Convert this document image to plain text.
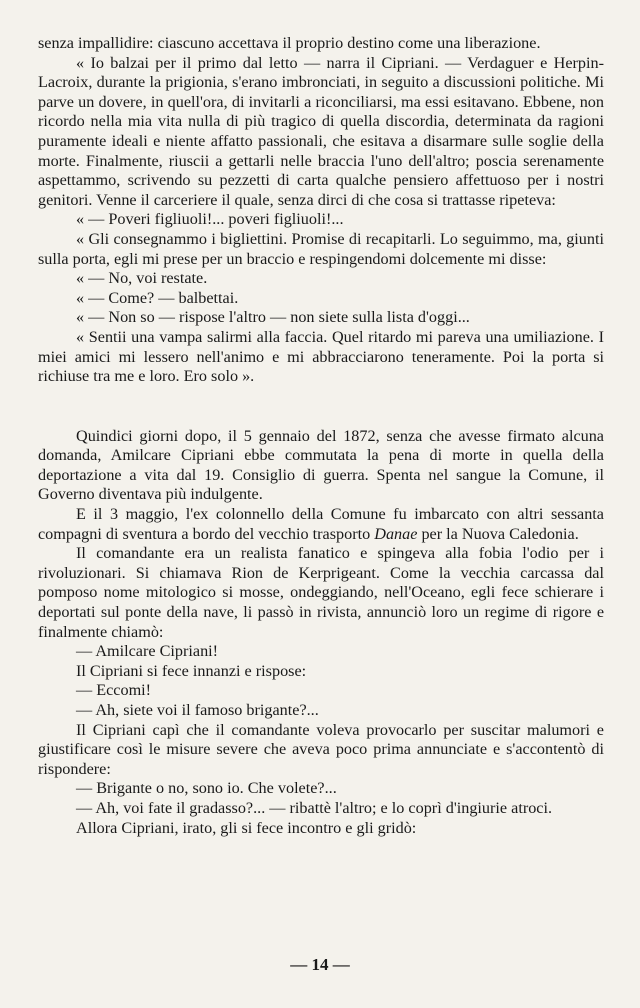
senza impallidire: ciascuno accettava il proprio destino come una liberazione.

« Io balzai per il primo dal letto — narra il Cipriani. — Verdaguer e Herpin-Lacroix, durante la prigionia, s'erano imbronciati, in seguito a discussioni politiche. Mi parve un dovere, in quell'ora, di invitarli a riconciliarsi, ma essi esitavano. Ebbene, non ricordo nella mia vita nulla di più tragico di quella discordia, determinata da ragioni puramente ideali e niente affatto passionali, che esitava a disarmare sulle soglie della morte. Finalmente, riuscii a gettarli nelle braccia l'uno dell'altro; poscia serenamente aspettammo, scrivendo su pezzetti di carta qualche pensiero affettuoso per i nostri genitori. Venne il carceriere il quale, senza dirci di che cosa si trattasse ripeteva:

« — Poveri figliuoli!... poveri figliuoli!...

« Gli consegnammo i bigliettini. Promise di recapitarli. Lo seguimmo, ma, giunti sulla porta, egli mi prese per un braccio e respingendomi dolcemente mi disse:

« — No, voi restate.

« — Come? — balbettai.

« — Non so — rispose l'altro — non siete sulla lista d'oggi...

« Sentii una vampa salirmi alla faccia. Quel ritardo mi pareva una umiliazione. I miei amici mi lessero nell'animo e mi abbracciarono teneramente. Poi la porta si richiuse tra me e loro. Ero solo ».

Quindici giorni dopo, il 5 gennaio del 1872, senza che avesse firmato alcuna domanda, Amilcare Cipriani ebbe commutata la pena di morte in quella della deportazione a vita dal 19. Consiglio di guerra. Spenta nel sangue la Comune, il Governo diventava più indulgente.

E il 3 maggio, l'ex colonnello della Comune fu imbarcato con altri sessanta compagni di sventura a bordo del vecchio trasporto Danae per la Nuova Caledonia.

Il comandante era un realista fanatico e spingeva alla fobia l'odio per i rivoluzionari. Si chiamava Rion de Kerprigeant. Come la vecchia carcassa dal pomposo nome mitologico si mosse, ondeggiando, nell'Oceano, egli fece schierare i deportati sul ponte della nave, li passò in rivista, annunciò loro un regime di rigore e finalmente chiamò:

— Amilcare Cipriani!

Il Cipriani si fece innanzi e rispose:

— Eccomi!

— Ah, siete voi il famoso brigante?...

Il Cipriani capì che il comandante voleva provocarlo per suscitar malumori e giustificare così le misure severe che aveva poco prima annunciate e s'accontentò di rispondere:

— Brigante o no, sono io. Che volete?...

— Ah, voi fate il gradasso?... — ribattè l'altro; e lo coprì d'ingiurie atroci.

Allora Cipriani, irato, gli si fece incontro e gli gridò:

— 14 —
